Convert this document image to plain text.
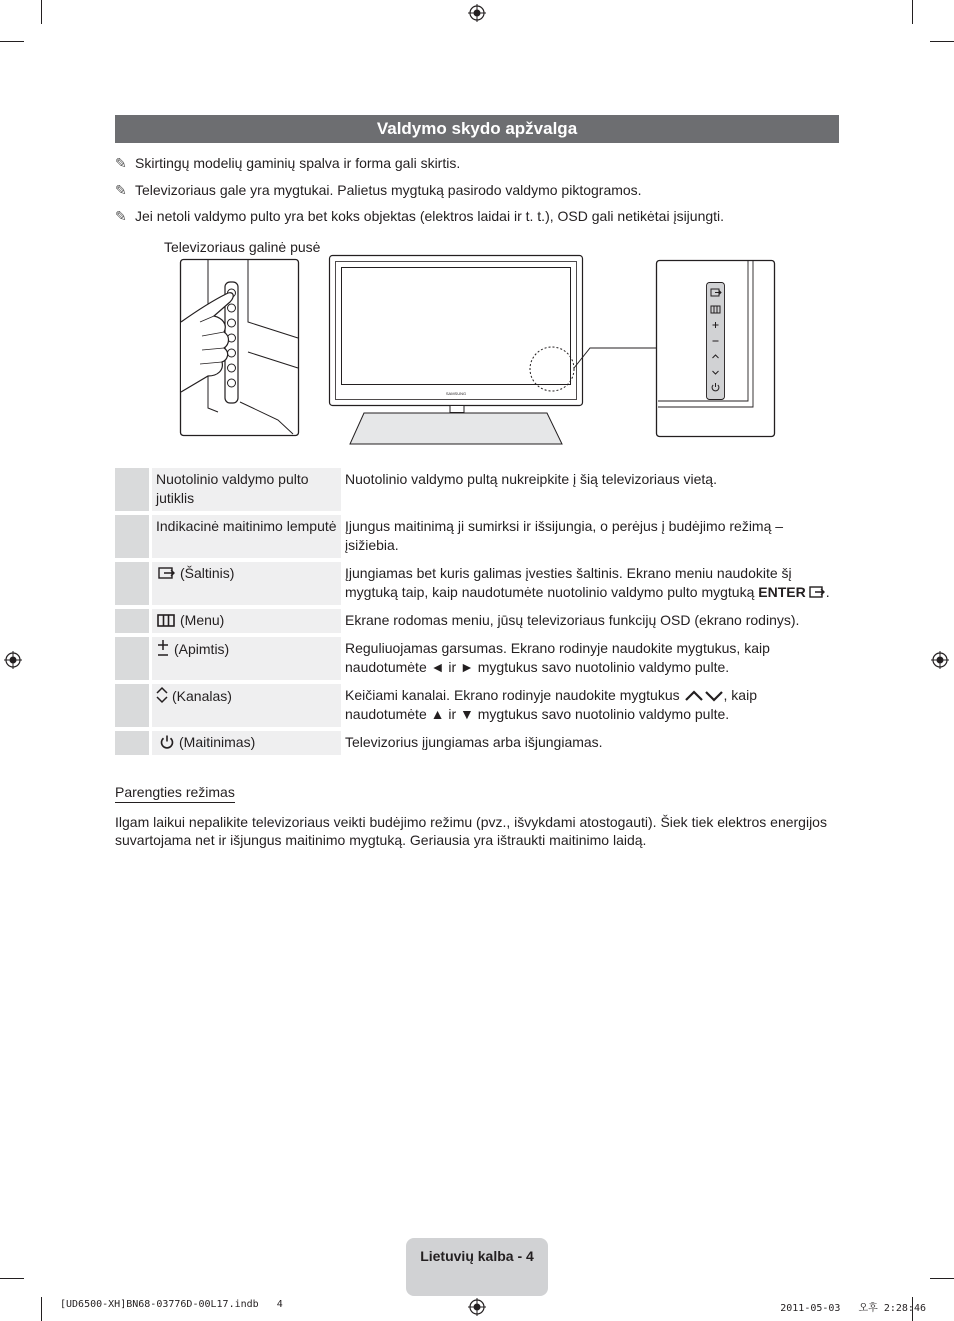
Valdymo skydo apžvalga
✎ Skirtingų modelių gaminių spalva ir forma gali skirtis.
✎ Televizoriaus gale yra mygtukai. Palietus mygtuką pasirodo valdymo piktogramos.
✎ Jei netoli valdymo pulto yra bet koks objektas (elektros laidai ir t. t.), OSD gali netikėtai įsijungti.
Televizoriaus galinė pusė
SAMSUNG
	Nuotolinio valdymo pulto jutiklis	Nuotolinio valdymo pultą nukreipkite į šią televizoriaus vietą.
	Indikacinė maitinimo lemputė	Įjungus maitinimą ji sumirksi ir išsijungia, o perėjus į budėjimo režimą – įsižiebia.
	(Šaltinis)	Įjungiamas bet kuris galimas įvesties šaltinis. Ekrano meniu naudokite šį mygtuką taip, kaip naudotumėte nuotolinio valdymo pulto mygtuką ENTER .
	(Menu)	Ekrane rodomas meniu, jūsų televizoriaus funkcijų OSD (ekrano rodinys).
	(Apimtis)	Reguliuojamas garsumas. Ekrano rodinyje naudokite mygtukus, kaip naudotumėte ◄ ir ► mygtukus savo nuotolinio valdymo pulte.
	(Kanalas)	Keičiami kanalai. Ekrano rodinyje naudokite mygtukus , kaip naudotumėte ▲ ir ▼ mygtukus savo nuotolinio valdymo pulte.
	(Maitinimas)	Televizorius įjungiamas arba išjungiamas.
Parengties režimas
Ilgam laikui nepalikite televizoriaus veikti budėjimo režimu (pvz., išvykdami atostogauti). Šiek tiek elektros energijos suvartojama net ir išjungus maitinimo mygtuką. Geriausia yra ištraukti maitinimo laidą.
Lietuvių kalba - 4
[UD6500-XH]BN68-03776D-00L17.indb   4	2011-05-03   오후 2:28:46
